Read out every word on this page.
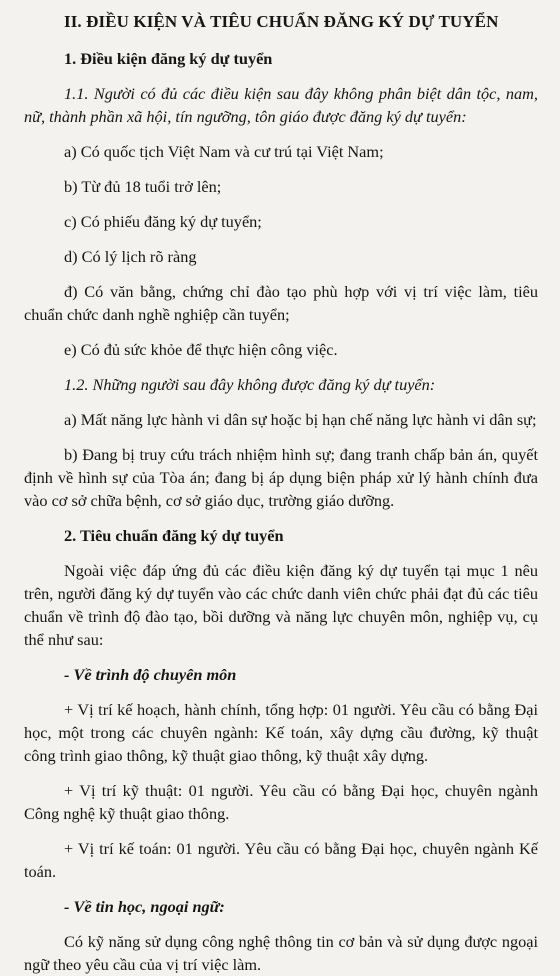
II. ĐIỀU KIỆN VÀ TIÊU CHUẨN ĐĂNG KÝ DỰ TUYỂN

1. Điều kiện đăng ký dự tuyển

1.1. Người có đủ các điều kiện sau đây không phân biệt dân tộc, nam, nữ, thành phần xã hội, tín ngưỡng, tôn giáo được đăng ký dự tuyển:

a) Có quốc tịch Việt Nam và cư trú tại Việt Nam;

b) Từ đủ 18 tuổi trở lên;

c) Có phiếu đăng ký dự tuyển;

d) Có lý lịch rõ ràng

đ) Có văn bằng, chứng chỉ đào tạo phù hợp với vị trí việc làm, tiêu chuẩn chức danh nghề nghiệp cần tuyển;

e) Có đủ sức khỏe để thực hiện công việc.

1.2. Những người sau đây không được đăng ký dự tuyển:

a) Mất năng lực hành vi dân sự hoặc bị hạn chế năng lực hành vi dân sự;

b) Đang bị truy cứu trách nhiệm hình sự; đang tranh chấp bản án, quyết định về hình sự của Tòa án; đang bị áp dụng biện pháp xử lý hành chính đưa vào cơ sở chữa bệnh, cơ sở giáo dục, trường giáo dưỡng.

2. Tiêu chuẩn đăng ký dự tuyển

Ngoài việc đáp ứng đủ các điều kiện đăng ký dự tuyển tại mục 1 nêu trên, người đăng ký dự tuyển vào các chức danh viên chức phải đạt đủ các tiêu chuẩn về trình độ đào tạo, bồi dưỡng và năng lực chuyên môn, nghiệp vụ, cụ thể như sau:

- Về trình độ chuyên môn

+ Vị trí kế hoạch, hành chính, tổng hợp: 01 người. Yêu cầu có bằng Đại học, một trong các chuyên ngành: Kế toán, xây dựng cầu đường, kỹ thuật công trình giao thông, kỹ thuật giao thông, kỹ thuật xây dựng.

+ Vị trí kỹ thuật: 01 người. Yêu cầu có bằng Đại học, chuyên ngành Công nghệ kỹ thuật giao thông.

+ Vị trí kế toán: 01 người. Yêu cầu có bằng Đại học, chuyên ngành Kế toán.

- Về tin học, ngoại ngữ:

Có kỹ năng sử dụng công nghệ thông tin cơ bản và sử dụng được ngoại ngữ theo yêu cầu của vị trí việc làm.
